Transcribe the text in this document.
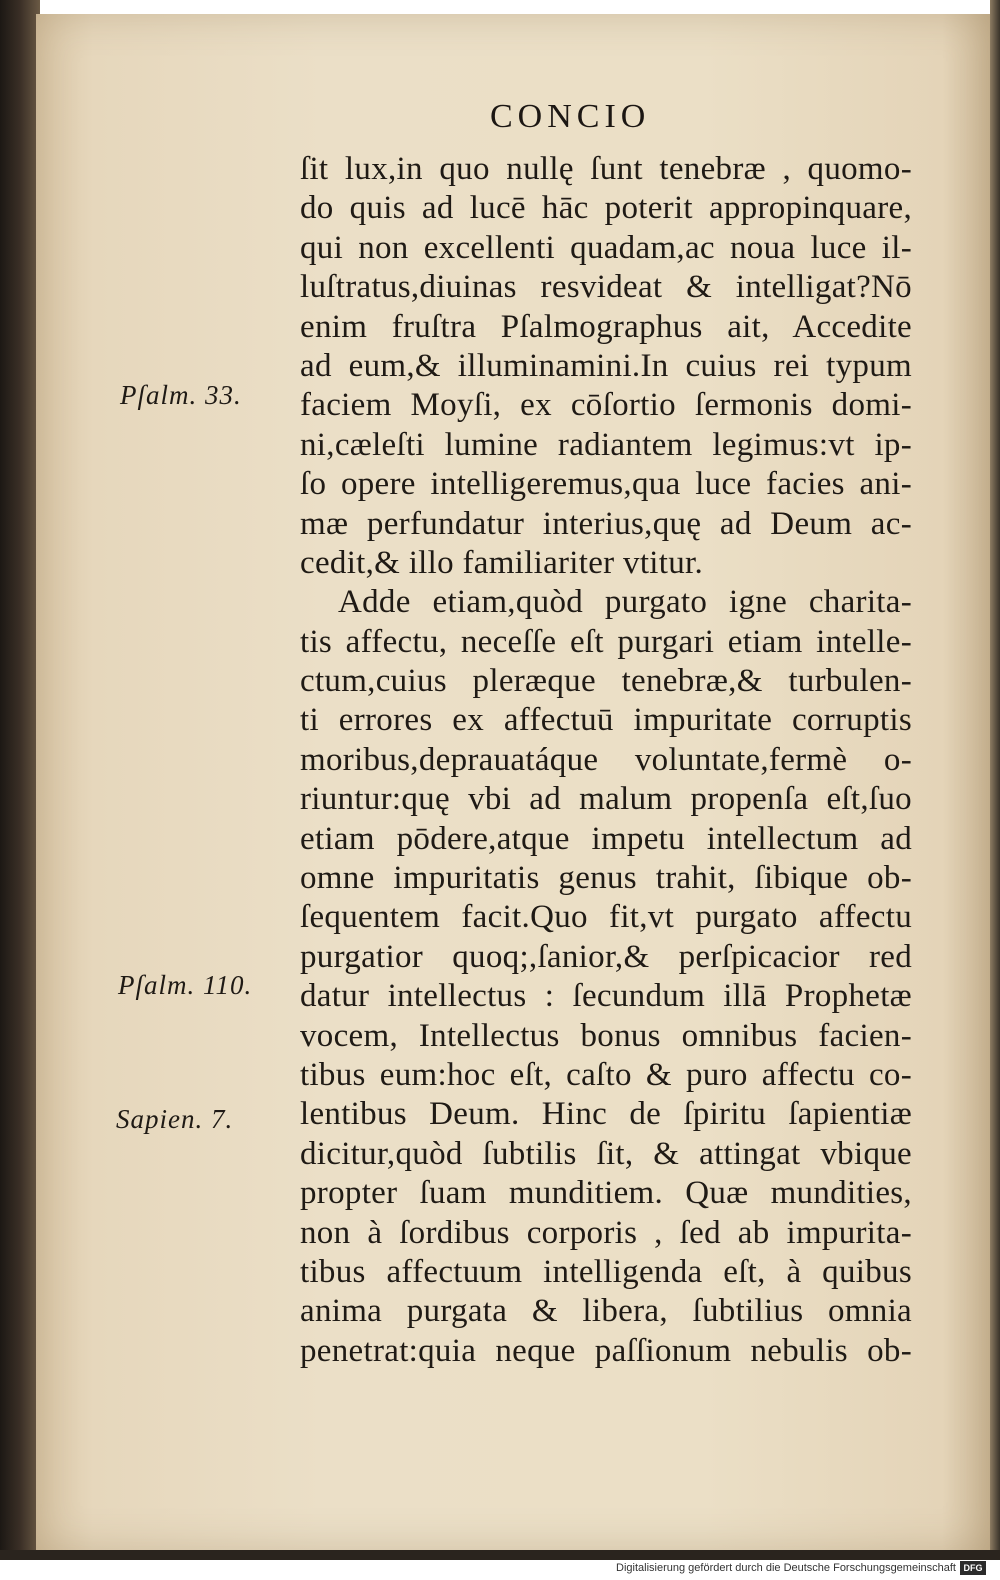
CONCIO
ſit lux,in quo nullę ſunt tenebræ , quomo-
do quis ad lucē hāc poterit appropinquare,
qui non excellenti quadam,ac noua luce il-
luſtratus,diuinas resvideat & intelligat?Nō
enim fruſtra Pſalmographus ait, Accedite
ad eum,& illuminamini.In cuius rei typum
faciem Moyſi, ex cōſortio ſermonis domi-
ni,cæleſti lumine radiantem legimus:vt ip-
ſo opere intelligeremus,qua luce facies ani-
mæ perfundatur interius,quę ad Deum ac-
cedit,& illo familiariter vtitur.
Adde etiam,quòd purgato igne charita-
tis affectu, neceſſe eſt purgari etiam intelle-
ctum,cuius pleræque tenebræ,& turbulen-
ti errores ex affectuū impuritate corruptis
moribus,deprauatáque voluntate,fermè o-
riuntur:quę vbi ad malum propenſa eſt,ſuo
etiam pōdere,atque impetu intellectum ad
omne impuritatis genus trahit, ſibique ob-
ſequentem facit.Quo fit,vt purgato affectu
purgatior quoq;,ſanior,& perſpicacior red
datur intellectus : ſecundum illā Prophetæ
vocem, Intellectus bonus omnibus facien-
tibus eum:hoc eſt, caſto & puro affectu co-
lentibus Deum. Hinc de ſpiritu ſapientiæ
dicitur,quòd ſubtilis ſit, & attingat vbique
propter ſuam munditiem. Quæ mundities,
non à ſordibus corporis , ſed ab impurita-
tibus affectuum intelligenda eſt, à quibus
anima purgata & libera, ſubtilius omnia
penetrat:quia neque paſſionum nebulis ob-
Pſalm. 33.
Pſalm. 110.
Sapien. 7.
Digitalisierung gefördert durch die Deutsche Forschungsgemeinschaft DFG
